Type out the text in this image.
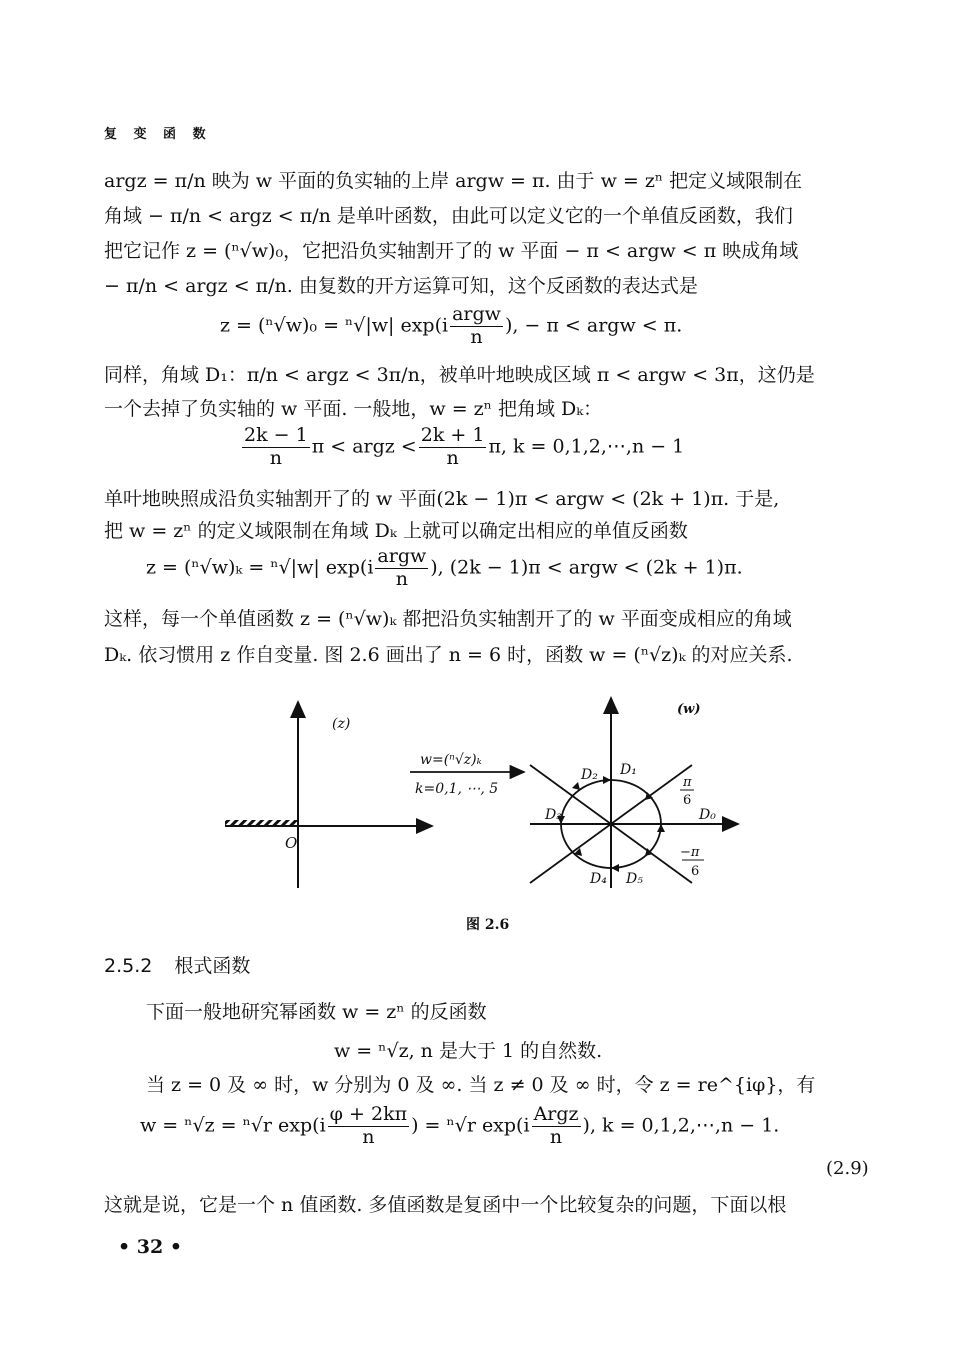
复 变 函 数
argz = π/n 映为 w 平面的负实轴的上岸 argw = π. 由于 w = zⁿ 把定义域限制在
角域 − π/n < argz < π/n 是单叶函数，由此可以定义它的一个单值反函数，我们
把它记作 z = (ⁿ√w)₀，它把沿负实轴割开了的 w 平面 − π < argw < π 映成角域
− π/n < argz < π/n. 由复数的开方运算可知，这个反函数的表达式是
z = (ⁿ√w)₀ = ⁿ√|w| $\exp(i \frac{\text{argw}}{n}$ ), − π < argw < π.
同样，角域 D₁：π/n < argz < 3π/n，被单叶地映成区域 π < argw < 3π，这仍是
一个去掉了负实轴的 w 平面. 一般地，w = zⁿ 把角域 Dₖ：
$\frac{2k - 1}{n}$ π < argz < $\frac{2k + 1}{n} \pi$, k = 0,1,2,⋯,n − 1
单叶地映照成沿负实轴割开了的 w 平面(2k − 1)π < argw < (2k + 1)π. 于是,
把 w = zⁿ 的定义域限制在角域 Dₖ 上就可以确定出相应的单值反函数
z = (ⁿ√w)ₖ = ⁿ√|w| $\exp(i \frac{\text{argw}}{n}$ ), (2k − 1)π < argw < (2k + 1)π.
这样，每一个单值函数 z = (ⁿ√w)ₖ 都把沿负实轴割开了的 w 平面变成相应的角域
Dₖ. 依习惯用 z 作自变量. 图 2.6 画出了 n = 6 时，函数 w = (ⁿ√z)ₖ 的对应关系.
(z)
O
w=(ⁿ√z)ₖ
k=0,1, ⋯, 5
D₀
D₁
D₂
D₃
D₄ D₅
π
6
−π
6
(w)
图 2.6
2.5.2 根式函数
下面一般地研究幂函数 w = zⁿ 的反函数
w = ⁿ√z, n 是大于 1 的自然数.
当 z = 0 及 ∞ 时，w 分别为 0 及 ∞. 当 z ≠ 0 及 ∞ 时，令 z = re^{iφ}，有
w = ⁿ√z = ⁿ√r $\exp(i \frac{\varphi + 2k\pi}{n}$ ) = ⁿ√r $\exp(i \frac{\text{Argz}}{n}$ ), k = 0,1,2,⋯,n − 1.
(2.9)
这就是说，它是一个 n 值函数. 多值函数是复函中一个比较复杂的问题，下面以根
• 32 •
